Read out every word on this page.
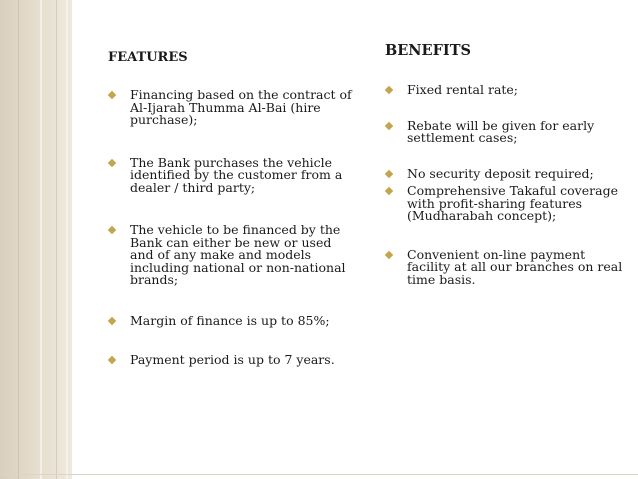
FEATURES
Financing based on the contract of Al-Ijarah Thumma Al-Bai (hire purchase);
The Bank purchases the vehicle identified by the customer from a dealer / third party;
The vehicle to be financed by the Bank can either be new or used and of any make and models including national or non-national brands;
Margin of finance is up to 85%;
Payment period is up to 7 years.
BENEFITS
Fixed rental rate;
Rebate will be given for early settlement cases;
No security deposit required;
Comprehensive Takaful coverage with profit-sharing features (Mudharabah concept);
Convenient on-line payment facility at all our branches on real time basis.
